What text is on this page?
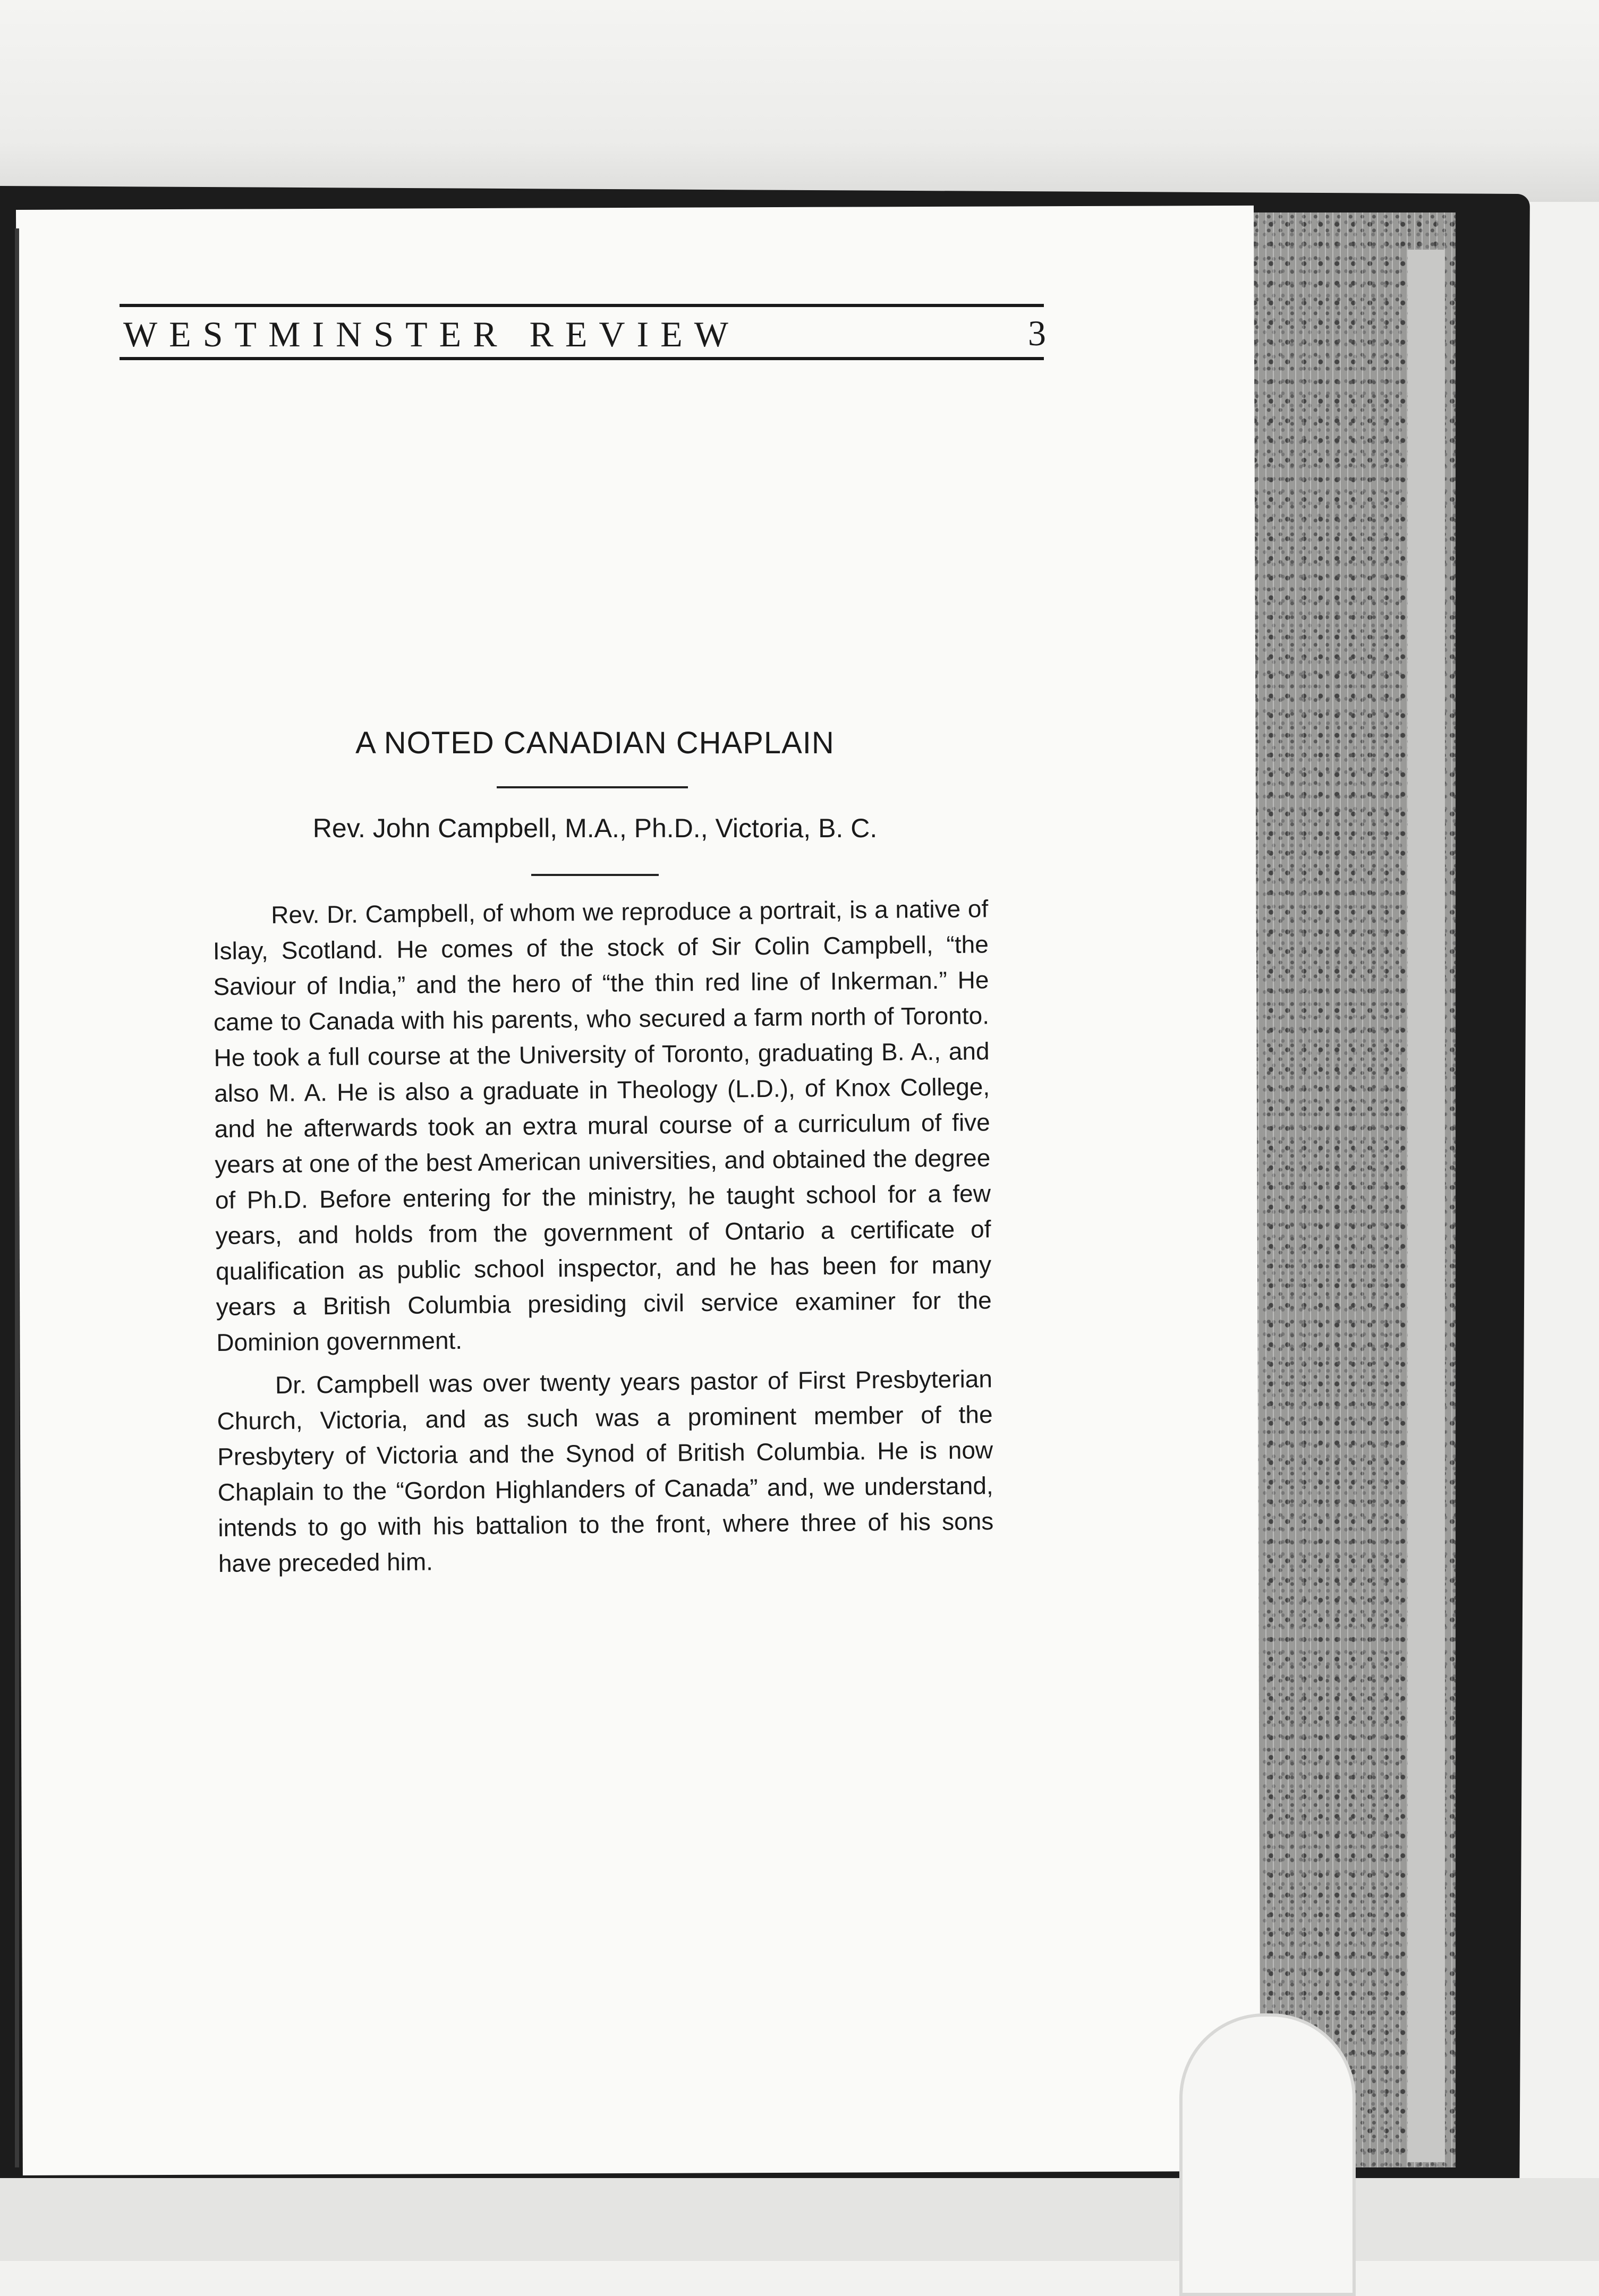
WESTMINSTER REVIEW	3
A NOTED CANADIAN CHAPLAIN
Rev. John Campbell, M.A., Ph.D., Victoria, B. C.

Rev. Dr. Campbell, of whom we reproduce a portrait, is a native of Islay, Scotland. He comes of the stock of Sir Colin Campbell, “the Saviour of India,” and the hero of “the thin red line of Inkerman.” He came to Canada with his parents, who secured a farm north of Toronto. He took a full course at the University of Toronto, graduating B. A., and also M. A. He is also a graduate in Theology (L.D.), of Knox College, and he afterwards took an extra mural course of a curriculum of five years at one of the best American universities, and obtained the degree of Ph.D. Before entering for the ministry, he taught school for a few years, and holds from the government of Ontario a certificate of qualification as public school inspector, and he has been for many years a British Columbia presiding civil service examiner for the Dominion government.

Dr. Campbell was over twenty years pastor of First Presbyterian Church, Victoria, and as such was a prominent member of the Presbytery of Victoria and the Synod of British Columbia. He is now Chaplain to the “Gordon Highlanders of Canada” and, we understand, intends to go with his battalion to the front, where three of his sons have preceded him.
